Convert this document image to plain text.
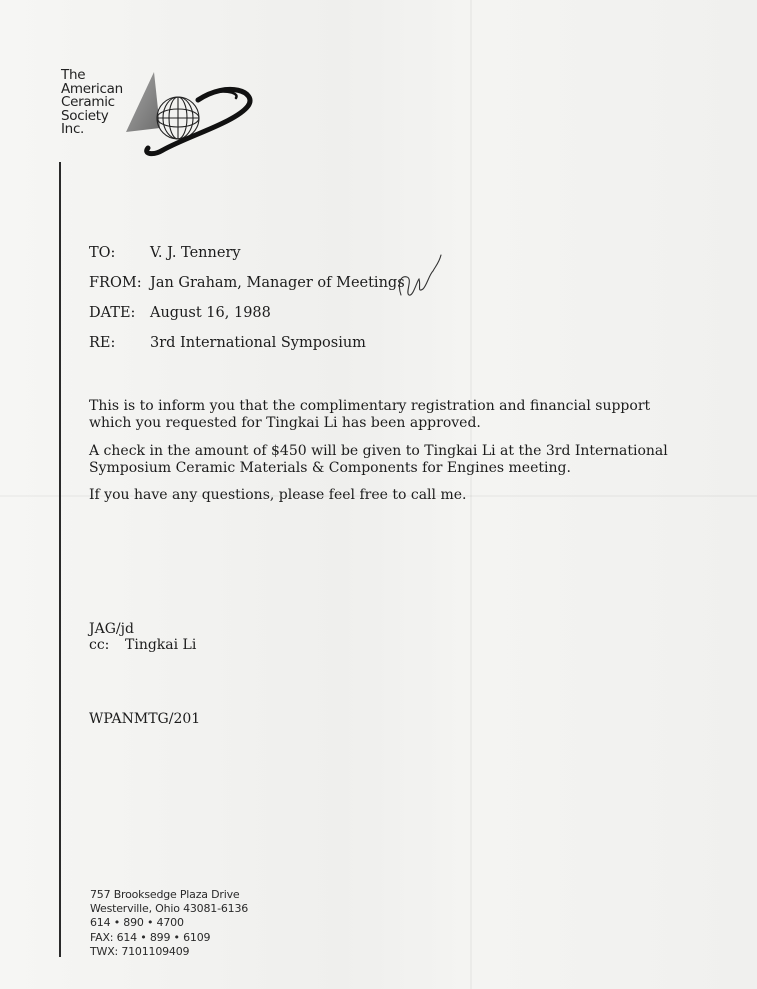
The
American
Ceramic
Society
Inc.
TO: V. J. Tennery
FROM: Jan Graham, Manager of Meetings
DATE: August 16, 1988
RE: 3rd International Symposium
This is to inform you that the complimentary registration and financial support which you requested for Tingkai Li has been approved.
A check in the amount of $450 will be given to Tingkai Li at the 3rd International Symposium Ceramic Materials & Components for Engines meeting.
If you have any questions, please feel free to call me.
JAG/jd
cc: Tingkai Li
WPANMTG/201
757 Brooksedge Plaza Drive
Westerville, Ohio 43081-6136
614 • 890 • 4700
FAX: 614 • 899 • 6109
TWX: 7101109409
